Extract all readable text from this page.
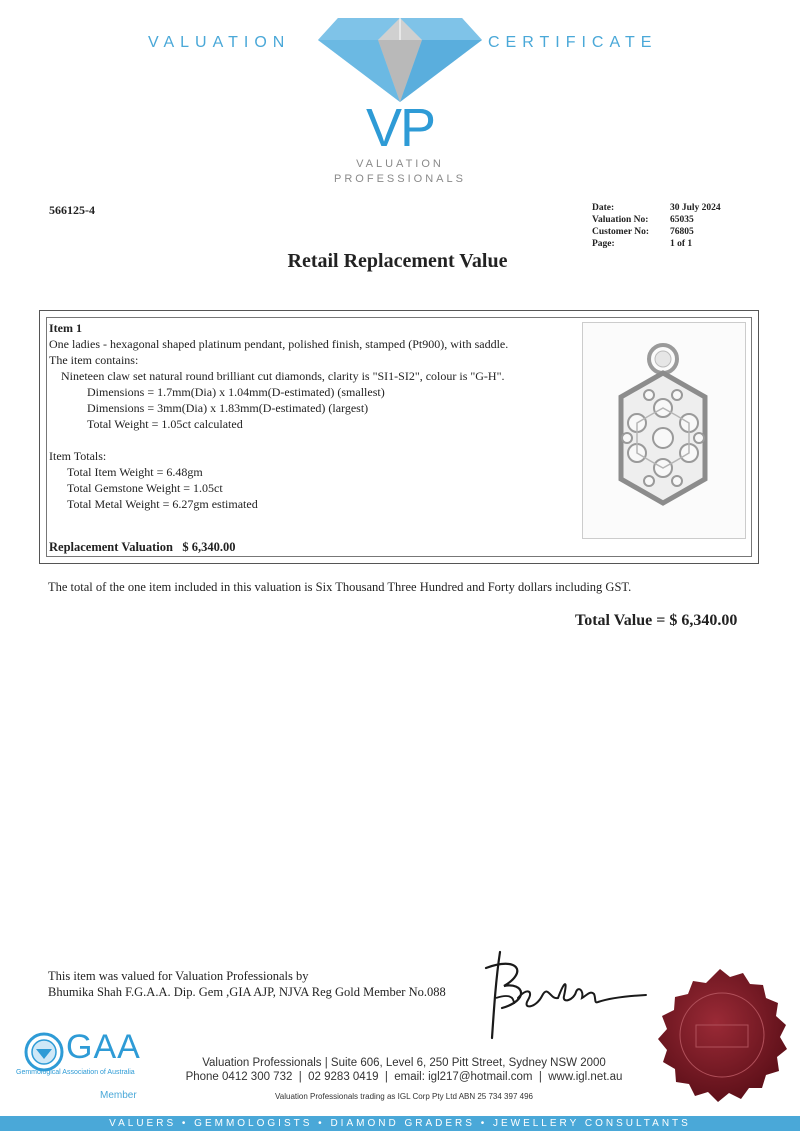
VALUATION	CERTIFICATE
VP
VALUATION
PROFESSIONALS
566125-4	Date:	30 July 2024
Valuation No:	65035
Customer No:	76805
Page:	1 of 1
Retail Replacement Value
Item 1
One ladies - hexagonal shaped platinum pendant, polished finish, stamped (Pt900), with saddle.
The item contains:
Nineteen claw set natural round brilliant cut diamonds, clarity is "SI1-SI2", colour is "G-H".
Dimensions = 1.7mm(Dia) x 1.04mm(D-estimated) (smallest)
Dimensions = 3mm(Dia) x 1.83mm(D-estimated) (largest)
Total Weight = 1.05ct calculated
Item Totals:
Total Item Weight = 6.48gm
Total Gemstone Weight = 1.05ct
Total Metal Weight = 6.27gm estimated
Replacement Valuation   $ 6,340.00
The total of the one item included in this valuation is Six Thousand Three Hundred and Forty dollars including GST.
Total Value = $ 6,340.00
This item was valued for Valuation Professionals by
Bhumika Shah F.G.A.A. Dip. Gem ,GIA AJP, NJVA Reg Gold Member No.088
GAA
Gemmological Association of Australia
Member
Valuation Professionals | Suite 606, Level 6, 250 Pitt Street, Sydney NSW 2000
Phone 0412 300 732  |  02 9283 0419  |  email: igl217@hotmail.com  |  www.igl.net.au
Valuation Professionals trading as IGL Corp Pty Ltd ABN 25 734 397 496
VALUERS • GEMMOLOGISTS • DIAMOND GRADERS • JEWELLERY CONSULTANTS
